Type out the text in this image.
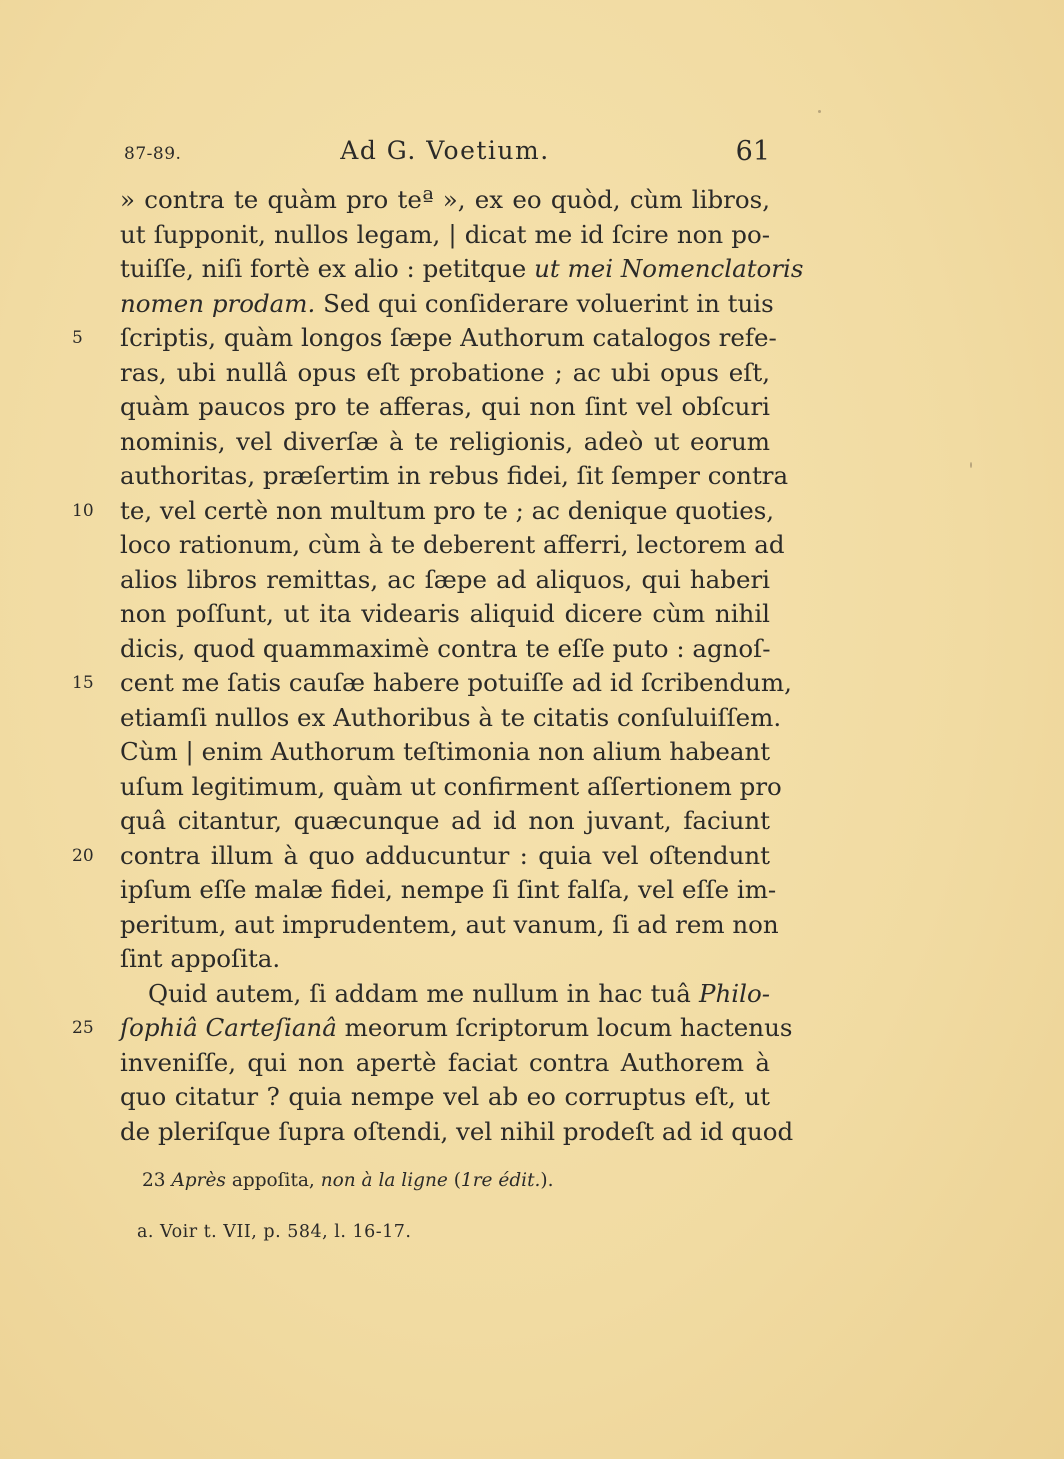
87-89.	Ad G. Voetium.	61
» contra te quàm pro teª », ex eo quòd, cùm libros,
ut ſupponit, nullos legam, | dicat me id ſcire non po-
tuiſſe, niſi fortè ex alio : petitque ut mei Nomenclatoris
nomen prodam. Sed qui conſiderare voluerint in tuis
5	ſcriptis, quàm longos ſæpe Authorum catalogos refe-
ras, ubi nullâ opus eſt probatione ; ac ubi opus eſt,
quàm paucos pro te afferas, qui non ſint vel obſcuri
nominis, vel diverſæ à te religionis, adeò ut eorum
authoritas, præſertim in rebus fidei, ſit ſemper contra
10	te, vel certè non multum pro te ; ac denique quoties,
loco rationum, cùm à te deberent afferri, lectorem ad
alios libros remittas, ac ſæpe ad aliquos, qui haberi
non poſſunt, ut ita videaris aliquid dicere cùm nihil
dicis, quod quammaximè contra te eſſe puto : agnoſ-
15	cent me ſatis cauſæ habere potuiſſe ad id ſcribendum,
etiamſi nullos ex Authoribus à te citatis conſuluiſſem.
Cùm | enim Authorum teſtimonia non alium habeant
uſum legitimum, quàm ut confirment aſſertionem pro
quâ citantur, quæcunque ad id non juvant, faciunt
20	contra illum à quo adducuntur : quia vel oſtendunt
ipſum eſſe malæ fidei, nempe ſi ſint falſa, vel eſſe im-
peritum, aut imprudentem, aut vanum, ſi ad rem non
ſint appoſita.
Quid autem, ſi addam me nullum in hac tuâ Philo-
25	ſophiâ Carteſianâ meorum ſcriptorum locum hactenus
inveniſſe, qui non apertè faciat contra Authorem à
quo citatur ? quia nempe vel ab eo corruptus eſt, ut
de pleriſque ſupra oſtendi, vel nihil prodeſt ad id quod
23 Après appoſita, non à la ligne (1re édit.).
a. Voir t. VII, p. 584, l. 16-17.
